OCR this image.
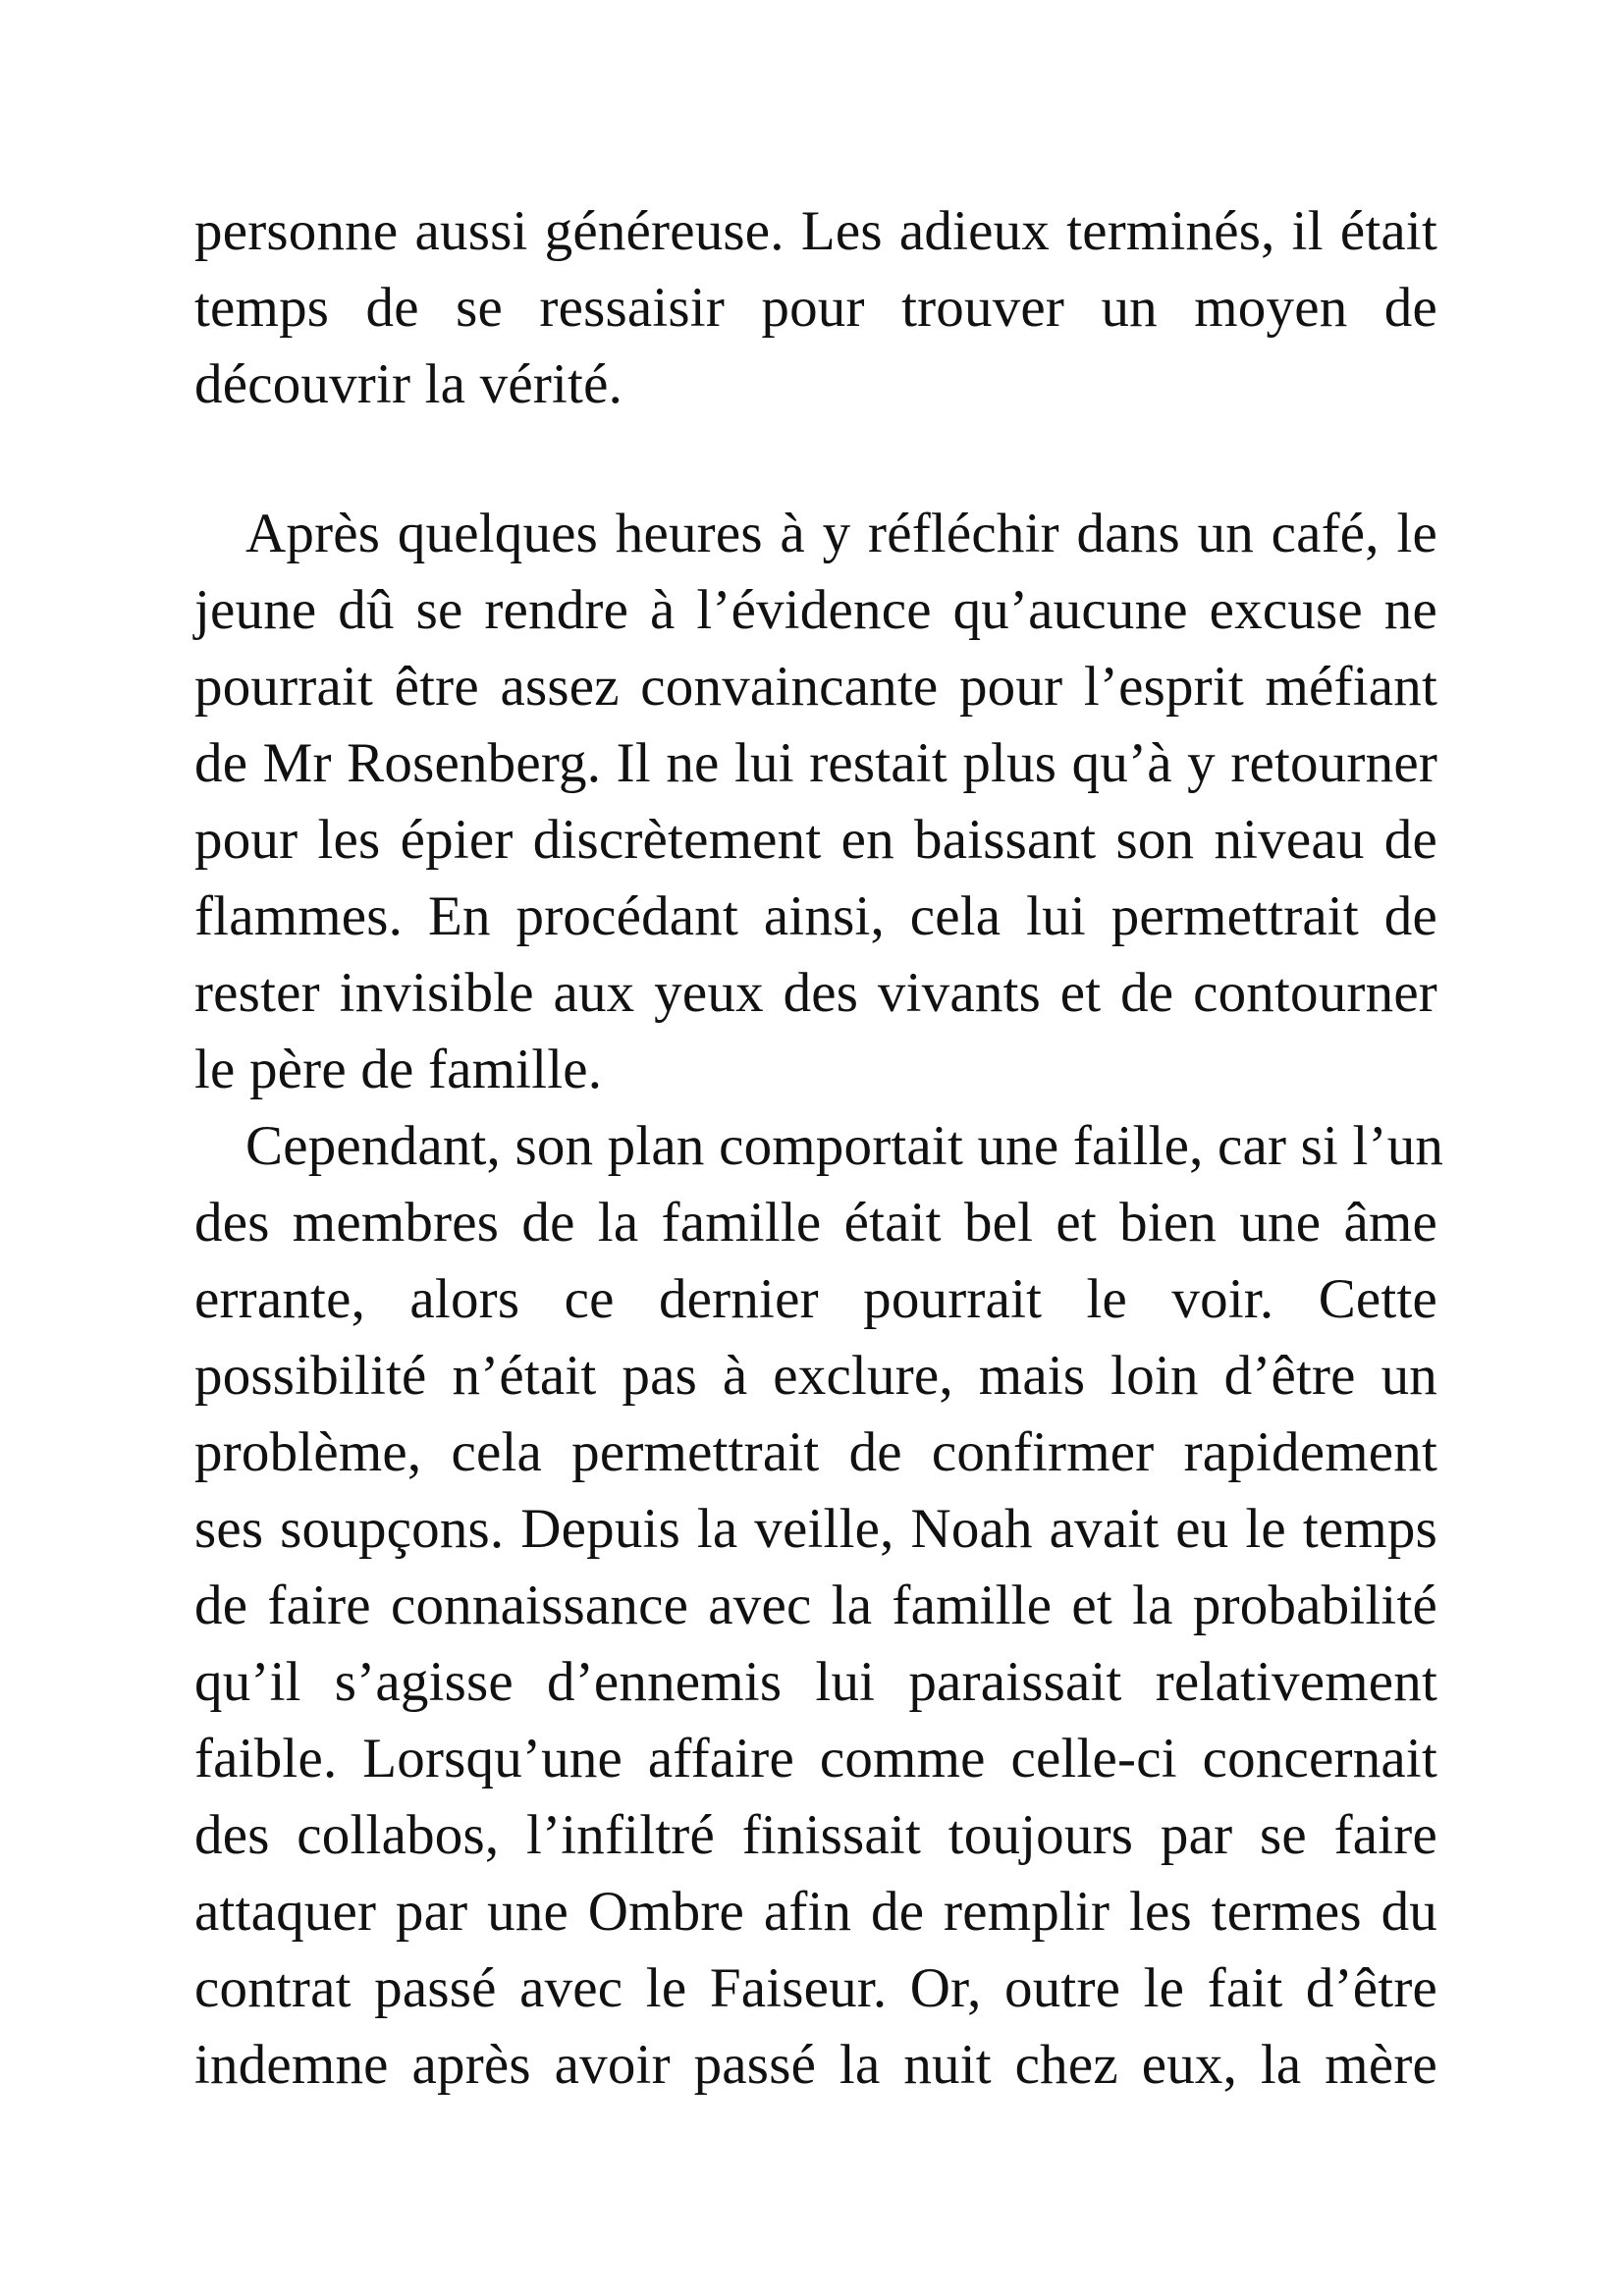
personne aussi généreuse. Les adieux terminés, il était
temps de se ressaisir pour trouver un moyen de
découvrir la vérité.
Après quelques heures à y réfléchir dans un café, le
jeune dû se rendre à l’évidence qu’aucune excuse ne
pourrait être assez convaincante pour l’esprit méfiant
de Mr Rosenberg. Il ne lui restait plus qu’à y retourner
pour les épier discrètement en baissant son niveau de
flammes. En procédant ainsi, cela lui permettrait de
rester invisible aux yeux des vivants et de contourner
le père de famille.
Cependant, son plan comportait une faille, car si l’un
des membres de la famille était bel et bien une âme
errante, alors ce dernier pourrait le voir. Cette
possibilité n’était pas à exclure, mais loin d’être un
problème, cela permettrait de confirmer rapidement
ses soupçons. Depuis la veille, Noah avait eu le temps
de faire connaissance avec la famille et la probabilité
qu’il s’agisse d’ennemis lui paraissait relativement
faible. Lorsqu’une affaire comme celle-ci concernait
des collabos, l’infiltré finissait toujours par se faire
attaquer par une Ombre afin de remplir les termes du
contrat passé avec le Faiseur. Or, outre le fait d’être
indemne après avoir passé la nuit chez eux, la mère
